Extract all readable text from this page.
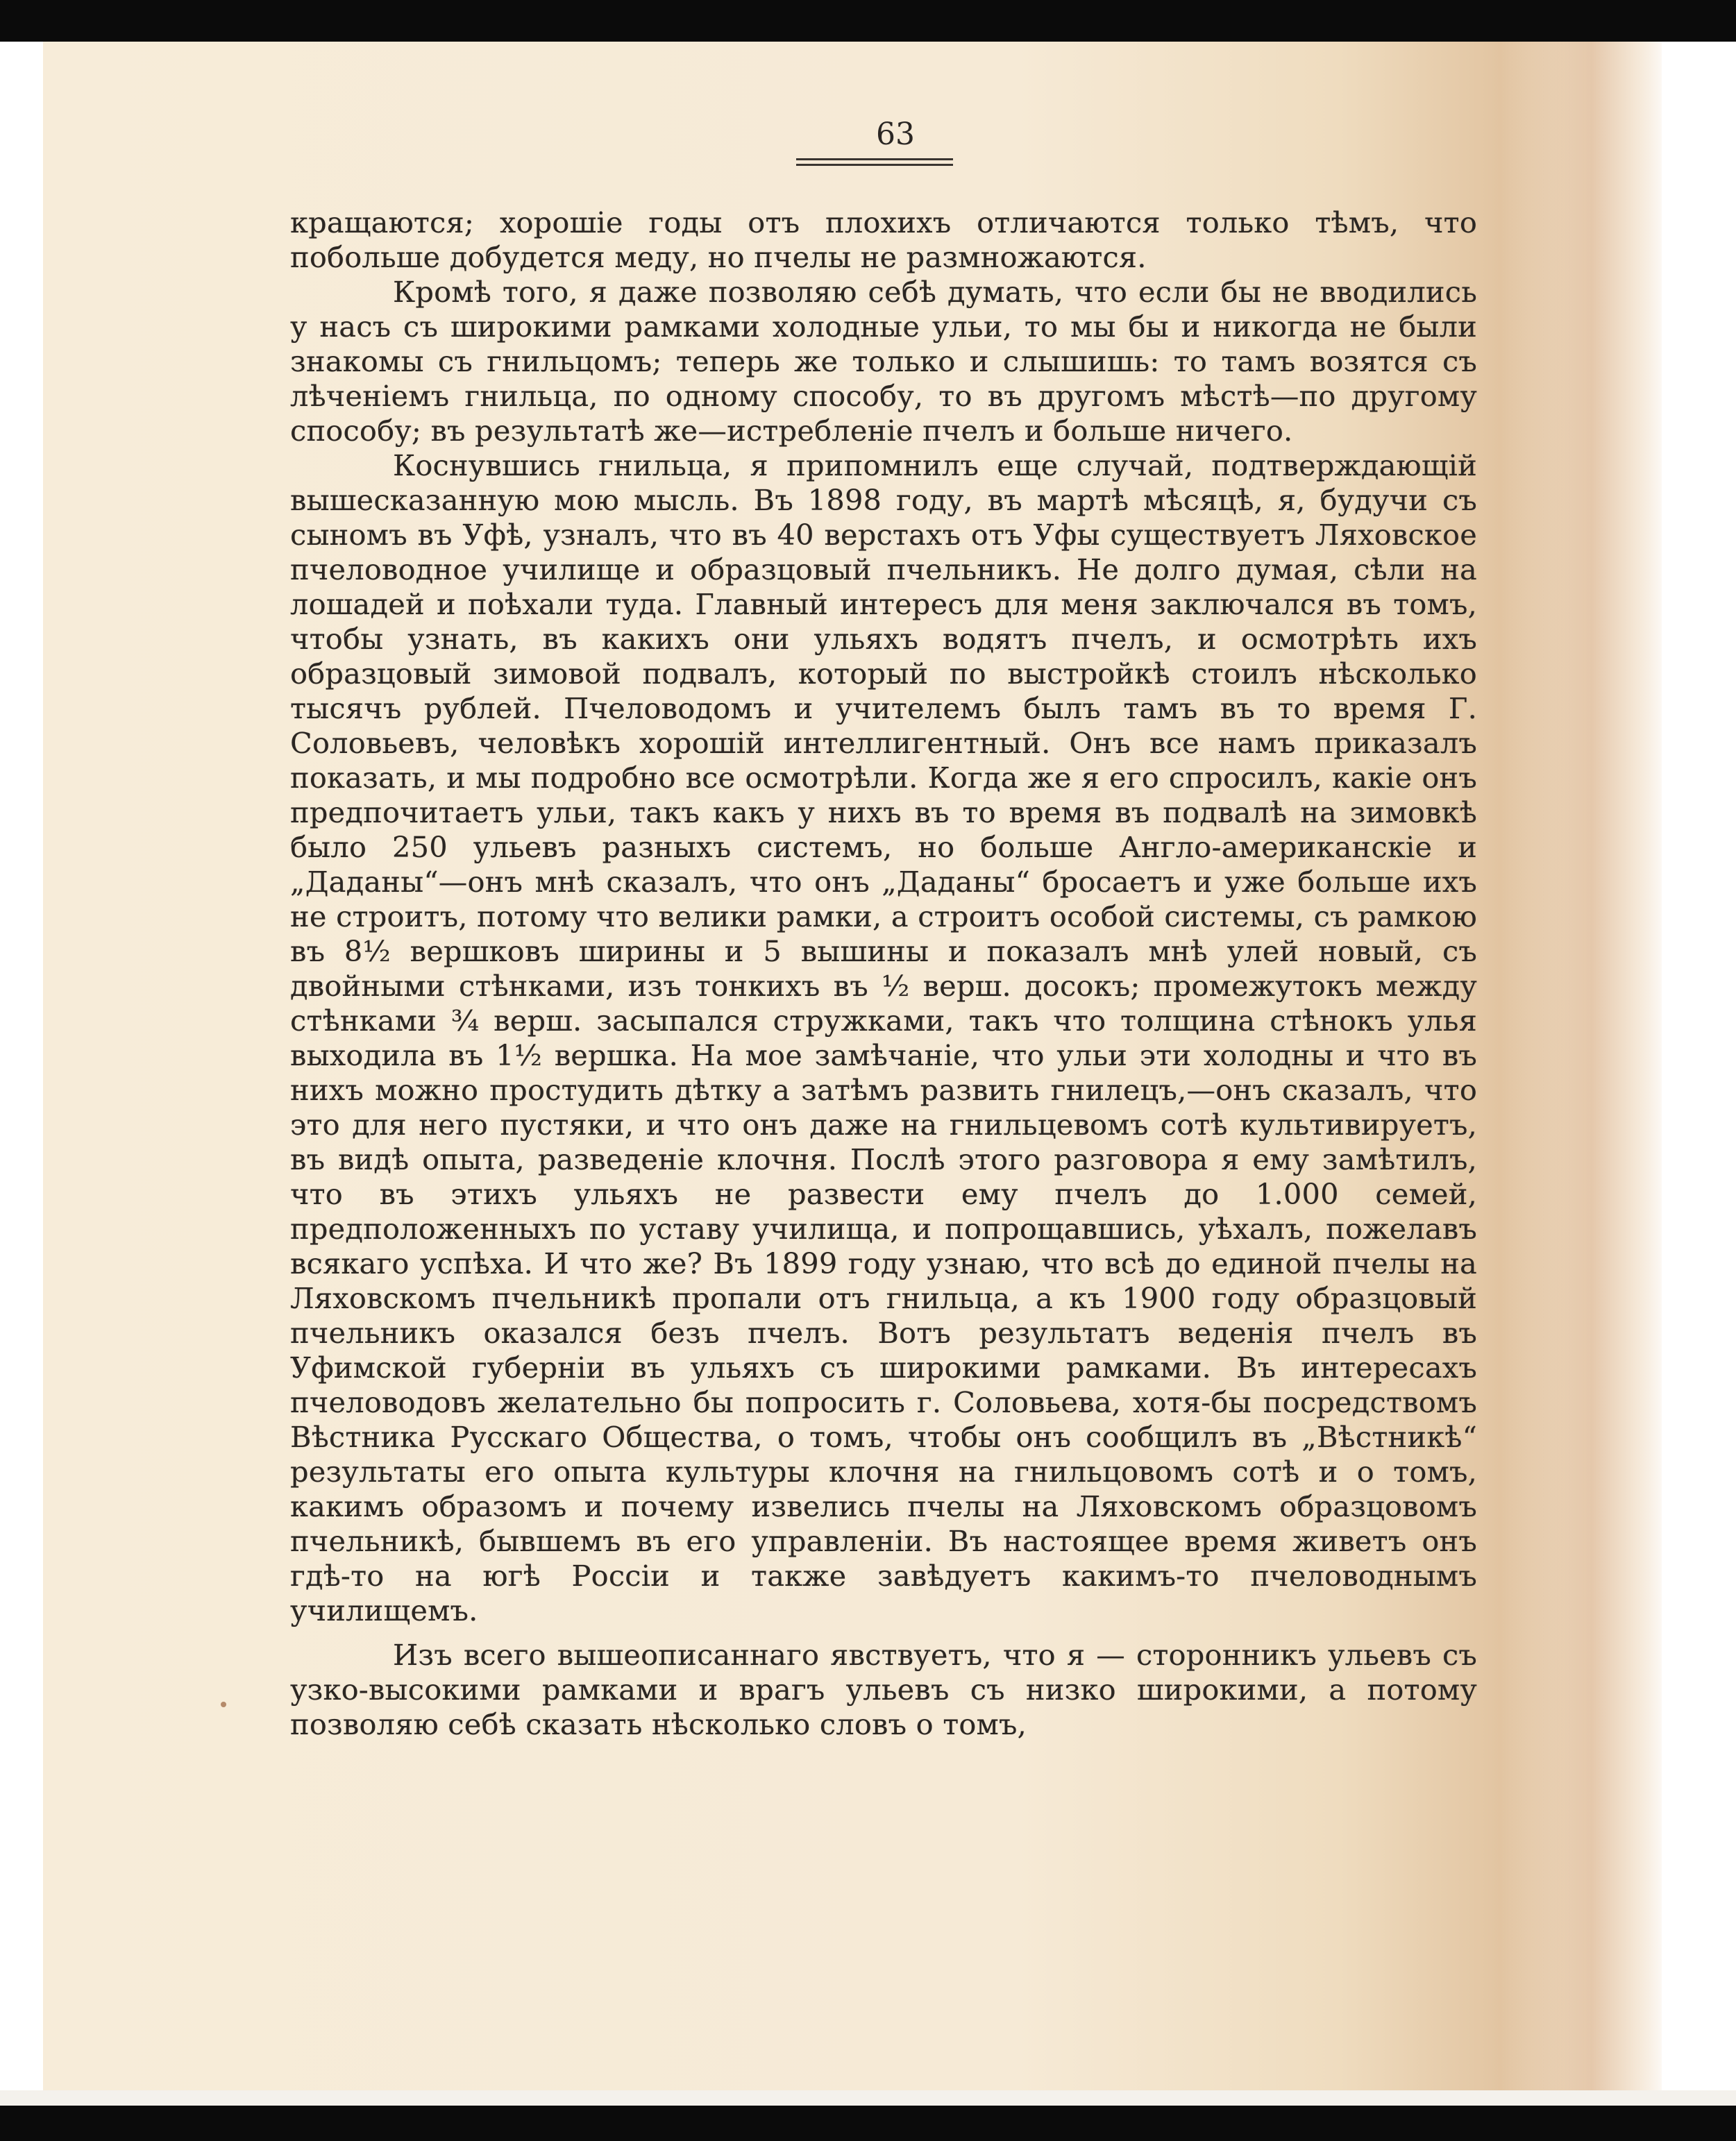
63

кращаются; хорошіе годы отъ плохихъ отличаются только тѣмъ, что побольше добудется меду, но пчелы не размножаются.

Кромѣ того, я даже позволяю себѣ думать, что если бы не вводились у насъ съ широкими рамками холодные ульи, то мы бы и никогда не были знакомы съ гнильцомъ; теперь же только и слышишь: то тамъ возятся съ лѣченіемъ гнильца, по одному способу, то въ другомъ мѣстѣ—по другому способу; въ результатѣ же—истребленіе пчелъ и больше ничего.

Коснувшись гнильца, я припомнилъ еще случай, подтверждающій вышесказанную мою мысль. Въ 1898 году, въ мартѣ мѣсяцѣ, я, будучи съ сыномъ въ Уфѣ, узналъ, что въ 40 верстахъ отъ Уфы существуетъ Ляховское пчеловодное училище и образцовый пчельникъ. Не долго думая, сѣли на лошадей и поѣхали туда. Главный интересъ для меня заключался въ томъ, чтобы узнать, въ какихъ они ульяхъ водятъ пчелъ, и осмотрѣть ихъ образцовый зимовой подвалъ, который по выстройкѣ стоилъ нѣсколько тысячъ рублей. Пчеловодомъ и учителемъ былъ тамъ въ то время Г. Соловьевъ, человѣкъ хорошій интеллигентный. Онъ все намъ приказалъ показать, и мы подробно все осмотрѣли. Когда же я его спросилъ, какіе онъ предпочитаетъ ульи, такъ какъ у нихъ въ то время въ подвалѣ на зимовкѣ было 250 ульевъ разныхъ системъ, но больше Англо-американскіе и „Даданы“—онъ мнѣ сказалъ, что онъ „Даданы“ бросаетъ и уже больше ихъ не строитъ, потому что велики рамки, а строитъ особой системы, съ рамкою въ 8½ вершковъ ширины и 5 вышины и показалъ мнѣ улей новый, съ двойными стѣнками, изъ тонкихъ въ ½ верш. досокъ; промежутокъ между стѣнками ¾ верш. засыпался стружками, такъ что толщина стѣнокъ улья выходила въ 1½ вершка. На мое замѣчаніе, что ульи эти холодны и что въ нихъ можно простудить дѣтку а затѣмъ развить гнилецъ,—онъ сказалъ, что это для него пустяки, и что онъ даже на гнильцевомъ сотѣ культивируетъ, въ видѣ опыта, разведеніе клочня. Послѣ этого разговора я ему замѣтилъ, что въ этихъ ульяхъ не развести ему пчелъ до 1.000 семей, предположенныхъ по уставу училища, и попрощавшись, уѣхалъ, пожелавъ всякаго успѣха. И что же? Въ 1899 году узнаю, что всѣ до единой пчелы на Ляховскомъ пчельникѣ пропали отъ гнильца, а къ 1900 году образцовый пчельникъ оказался безъ пчелъ. Вотъ результатъ веденія пчелъ въ Уфимской губерніи въ ульяхъ съ широкими рамками. Въ интересахъ пчеловодовъ желательно бы попросить г. Соловьева, хотя-бы посредствомъ Вѣстника Русскаго Общества, о томъ, чтобы онъ сообщилъ въ „Вѣстникѣ“ результаты его опыта культуры клочня на гнильцовомъ сотѣ и о томъ, какимъ образомъ и почему извелись пчелы на Ляховскомъ образцовомъ пчельникѣ, бывшемъ въ его управленіи. Въ настоящее время живетъ онъ гдѣ-то на югѣ Россіи и также завѣдуетъ какимъ-то пчеловоднымъ училищемъ.

Изъ всего вышеописаннаго явствуетъ, что я — сторонникъ ульевъ съ узко-высокими рамками и врагъ ульевъ съ низко широкими, а потому позволяю себѣ сказать нѣсколько словъ о томъ,
